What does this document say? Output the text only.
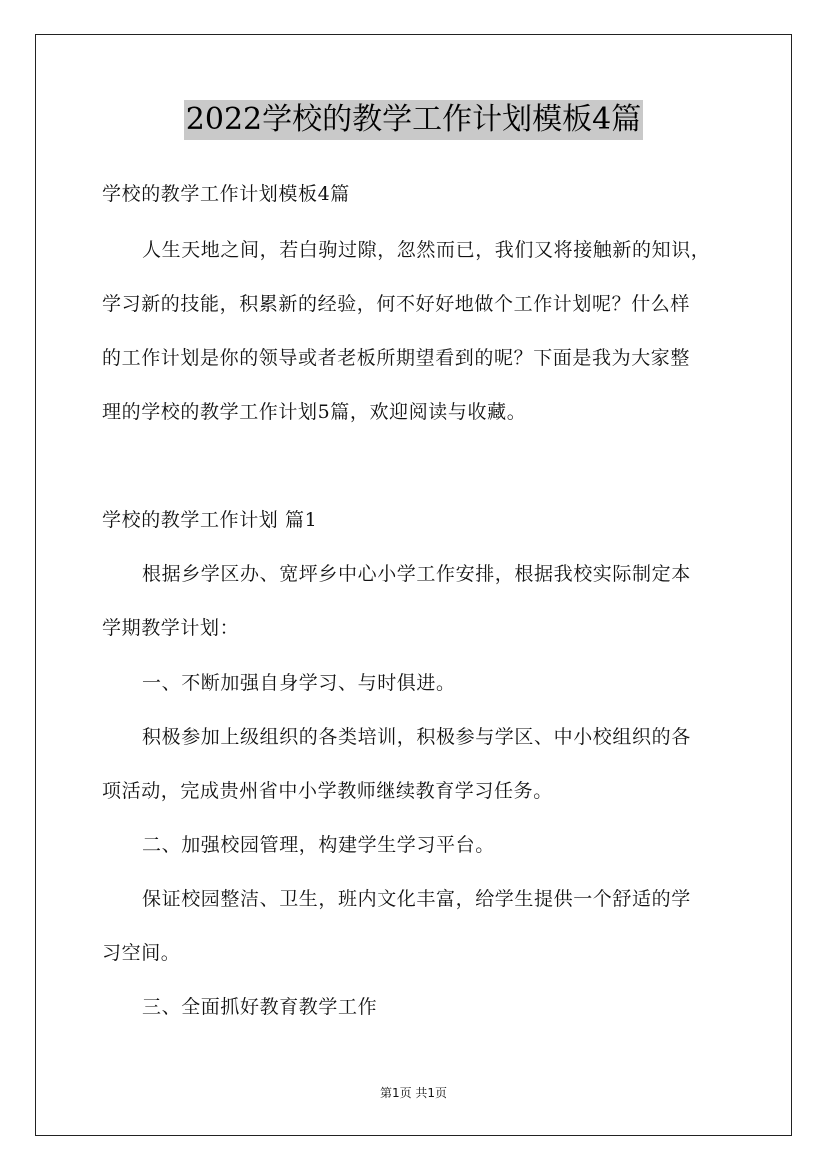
2022学校的教学工作计划模板4篇
学校的教学工作计划模板4篇
人生天地之间，若白驹过隙，忽然而已，我们又将接触新的知识，
学习新的技能，积累新的经验，何不好好地做个工作计划呢？什么样
的工作计划是你的领导或者老板所期望看到的呢？下面是我为大家整
理的学校的教学工作计划5篇，欢迎阅读与收藏。
学校的教学工作计划 篇1
根据乡学区办、宽坪乡中心小学工作安排，根据我校实际制定本
学期教学计划：
一、不断加强自身学习、与时俱进。
积极参加上级组织的各类培训，积极参与学区、中小校组织的各
项活动，完成贵州省中小学教师继续教育学习任务。
二、加强校园管理，构建学生学习平台。
保证校园整洁、卫生，班内文化丰富，给学生提供一个舒适的学
习空间。
三、全面抓好教育教学工作
第1页 共1页
